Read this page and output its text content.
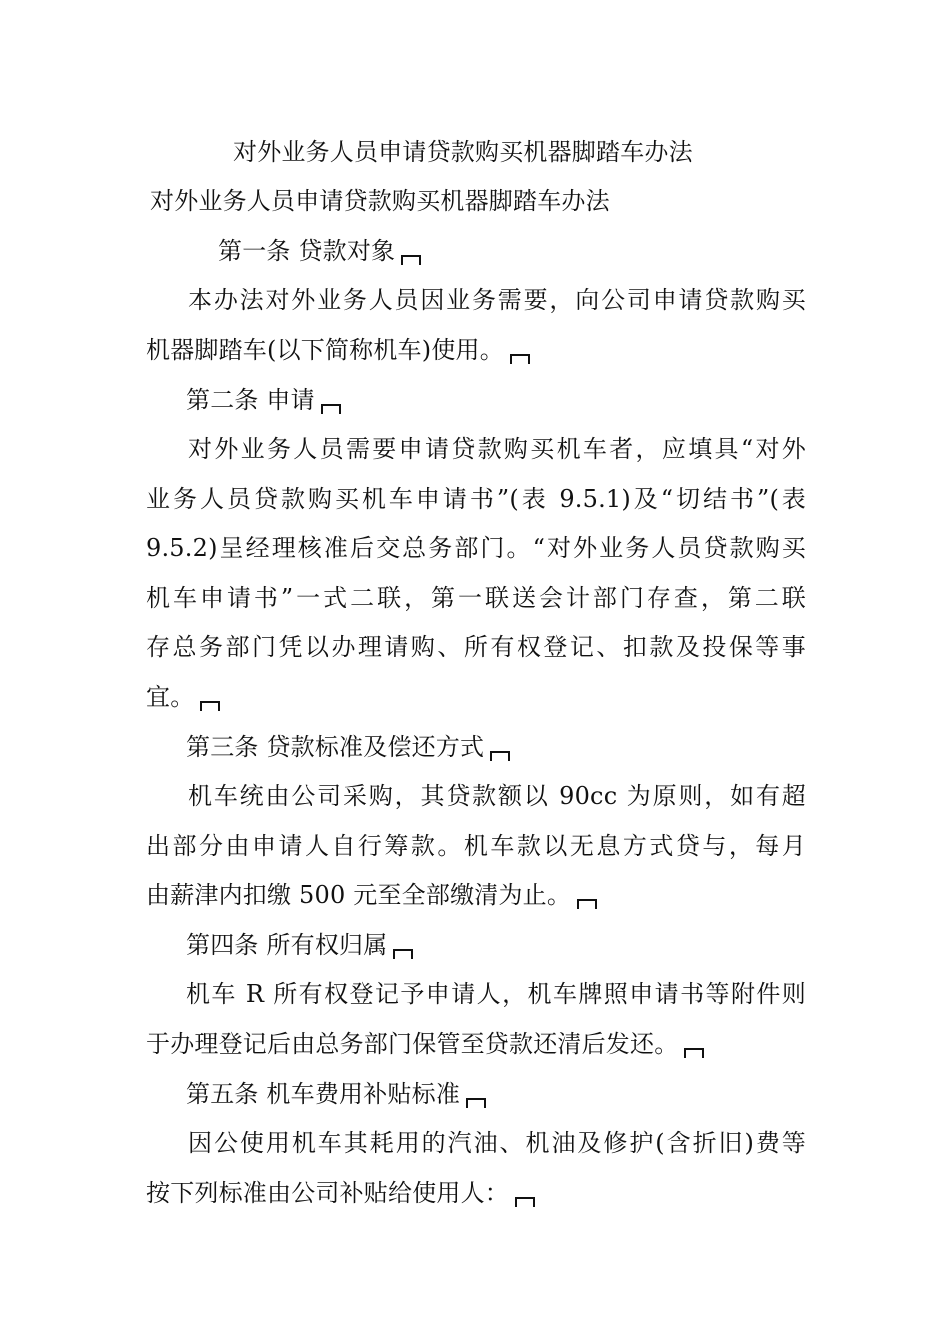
对外业务人员申请贷款购买机器脚踏车办法
对外业务人员申请贷款购买机器脚踏车办法
第一条 贷款对象
本办法对外业务人员因业务需要，向公司申请贷款购买
机器脚踏车(以下简称机车)使用。
第二条 申请
对外业务人员需要申请贷款购买机车者，应填具“对外
业务人员贷款购买机车申请书”(表 9.5.1)及“切结书”(表
9.5.2)呈经理核准后交总务部门。“对外业务人员贷款购买
机车申请书”一式二联，第一联送会计部门存查，第二联
存总务部门凭以办理请购、所有权登记、扣款及投保等事
宜。
第三条 贷款标准及偿还方式
机车统由公司采购，其贷款额以 90cc 为原则，如有超
出部分由申请人自行筹款。机车款以无息方式贷与，每月
由薪津内扣缴 500 元至全部缴清为止。
第四条 所有权归属
机车 R 所有权登记予申请人，机车牌照申请书等附件则
于办理登记后由总务部门保管至贷款还清后发还。
第五条 机车费用补贴标准
因公使用机车其耗用的汽油、机油及修护(含折旧)费等
按下列标准由公司补贴给使用人：
